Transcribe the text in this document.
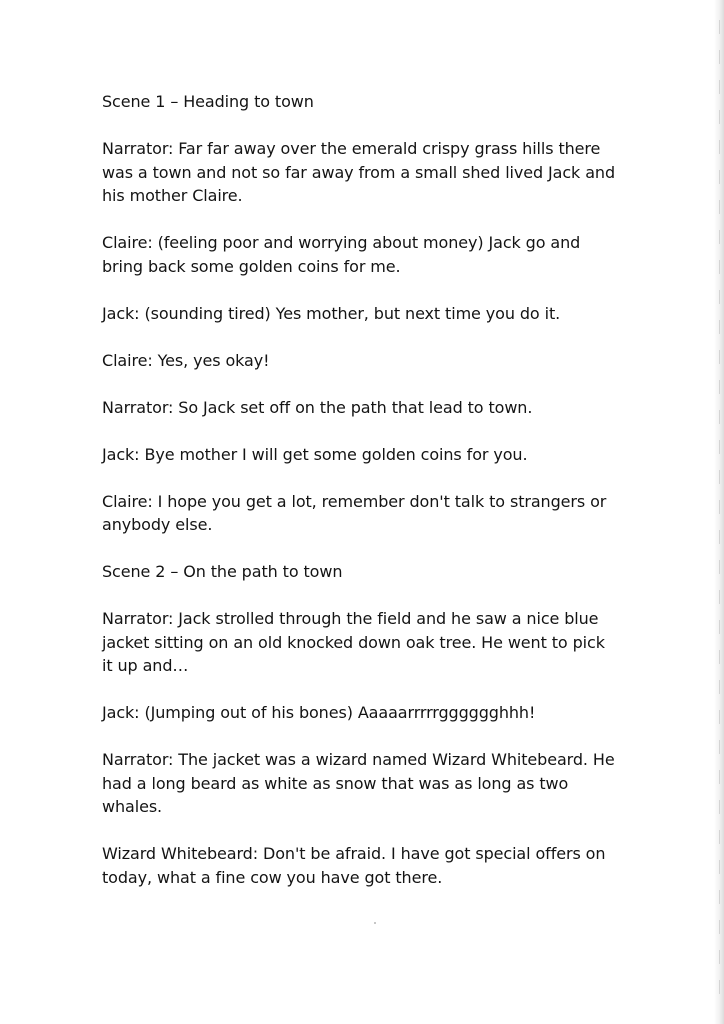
Scene 1 – Heading to town

Narrator: Far far away over the emerald crispy grass hills there was a town and not so far away from a small shed lived Jack and his mother Claire.

Claire: (feeling poor and worrying about money) Jack go and bring back some golden coins for me.

Jack: (sounding tired) Yes mother, but next time you do it.

Claire: Yes, yes okay!

Narrator: So Jack set off on the path that lead to town.

Jack: Bye mother I will get some golden coins for you.

Claire: I hope you get a lot, remember don't talk to strangers or anybody else.

Scene 2 – On the path to town

Narrator: Jack strolled through the field and he saw a nice blue jacket sitting on an old knocked down oak tree. He went to pick it up and…

Jack: (Jumping out of his bones) Aaaaarrrrrgggggghhh!

Narrator: The jacket was a wizard named Wizard Whitebeard. He had a long beard as white as snow that was as long as two whales.

Wizard Whitebeard: Don't be afraid. I have got special offers on today, what a fine cow you have got there.
